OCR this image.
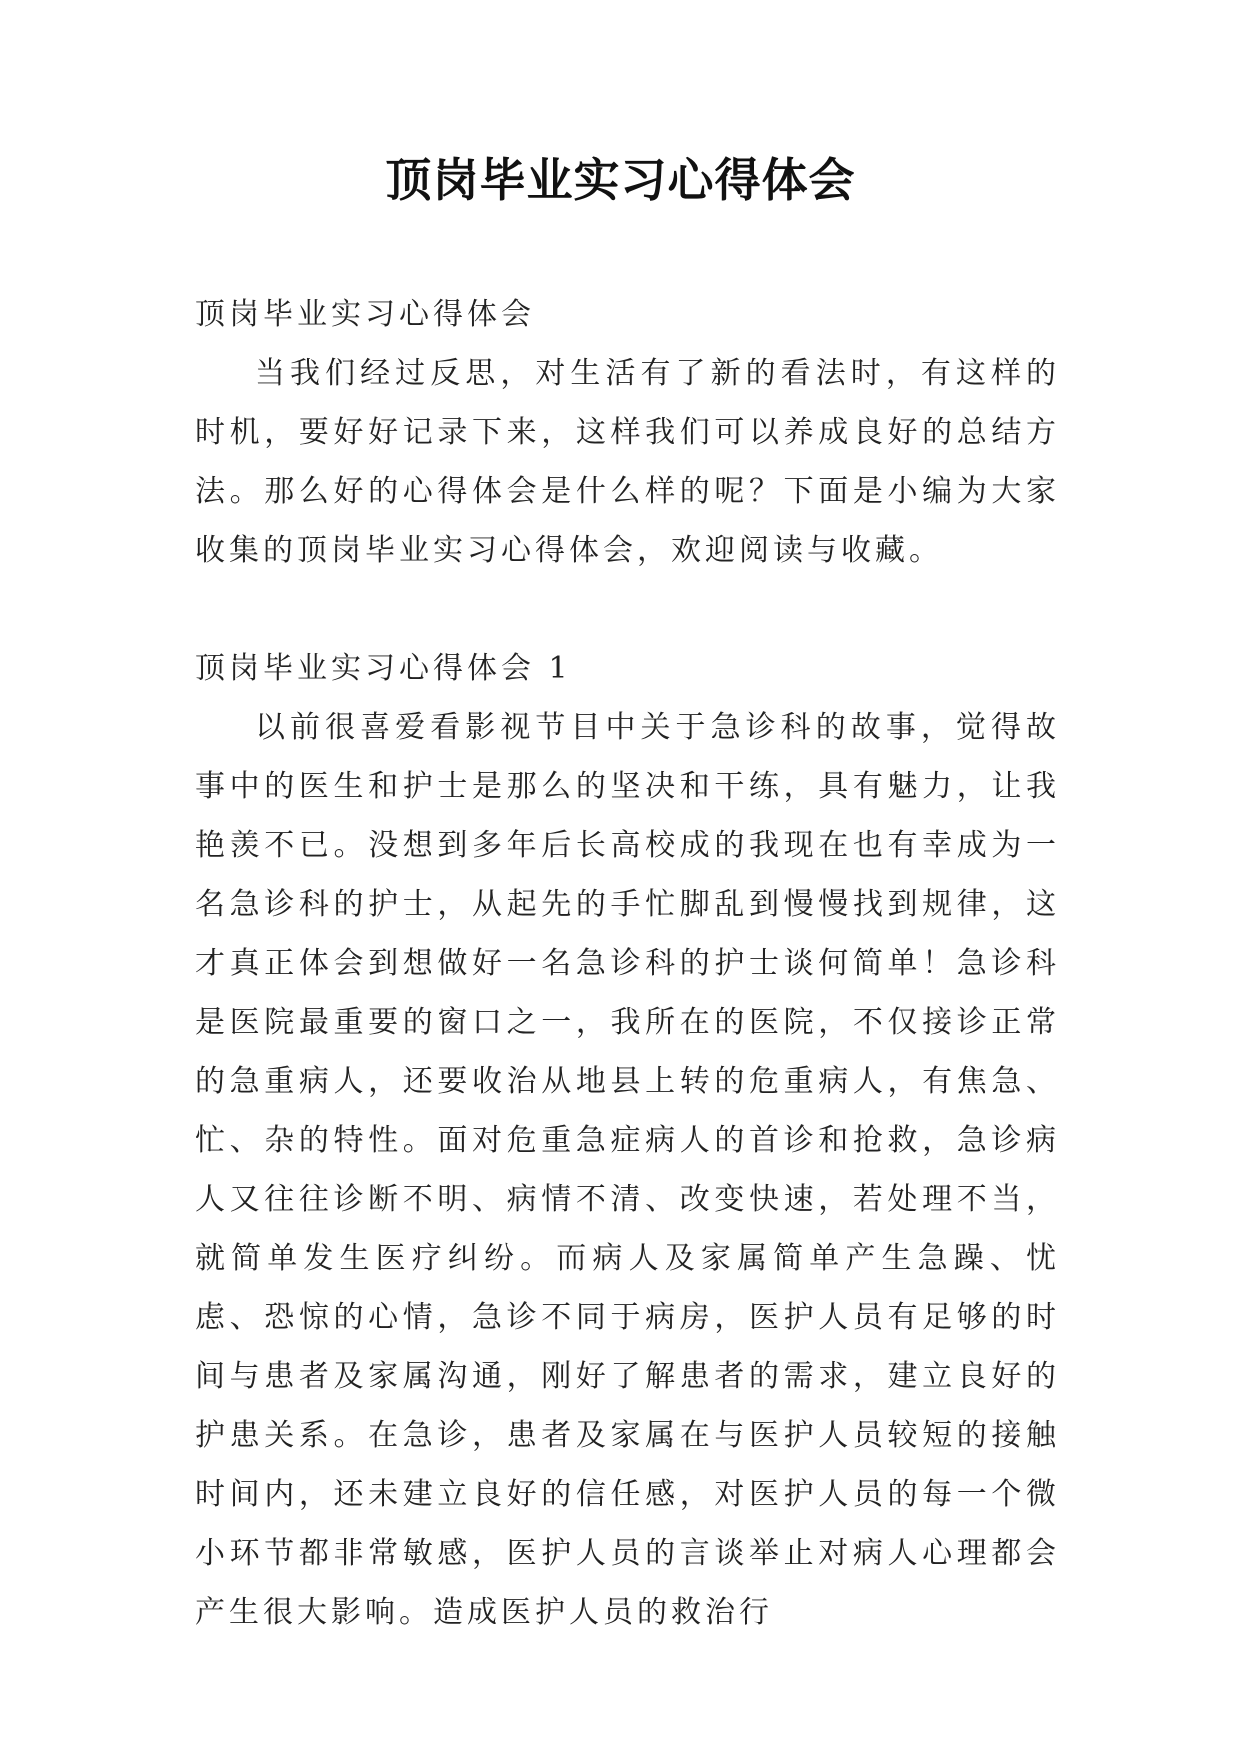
顶岗毕业实习心得体会

顶岗毕业实习心得体会

当我们经过反思，对生活有了新的看法时，有这样的时机，要好好记录下来，这样我们可以养成良好的总结方法。那么好的心得体会是什么样的呢？下面是小编为大家收集的顶岗毕业实习心得体会，欢迎阅读与收藏。

顶岗毕业实习心得体会 1

以前很喜爱看影视节目中关于急诊科的故事，觉得故事中的医生和护士是那么的坚决和干练，具有魅力，让我艳羡不已。没想到多年后长高校成的我现在也有幸成为一名急诊科的护士，从起先的手忙脚乱到慢慢找到规律，这才真正体会到想做好一名急诊科的护士谈何简单！急诊科是医院最重要的窗口之一，我所在的医院，不仅接诊正常的急重病人，还要收治从地县上转的危重病人，有焦急、忙、杂的特性。面对危重急症病人的首诊和抢救，急诊病人又往往诊断不明、病情不清、改变快速，若处理不当，就简单发生医疗纠纷。而病人及家属简单产生急躁、忧虑、恐惊的心情，急诊不同于病房，医护人员有足够的时间与患者及家属沟通，刚好了解患者的需求，建立良好的护患关系。在急诊，患者及家属在与医护人员较短的接触时间内，还未建立良好的信任感，对医护人员的每一个微小环节都非常敏感，医护人员的言谈举止对病人心理都会产生很大影响。造成医护人员的救治行
